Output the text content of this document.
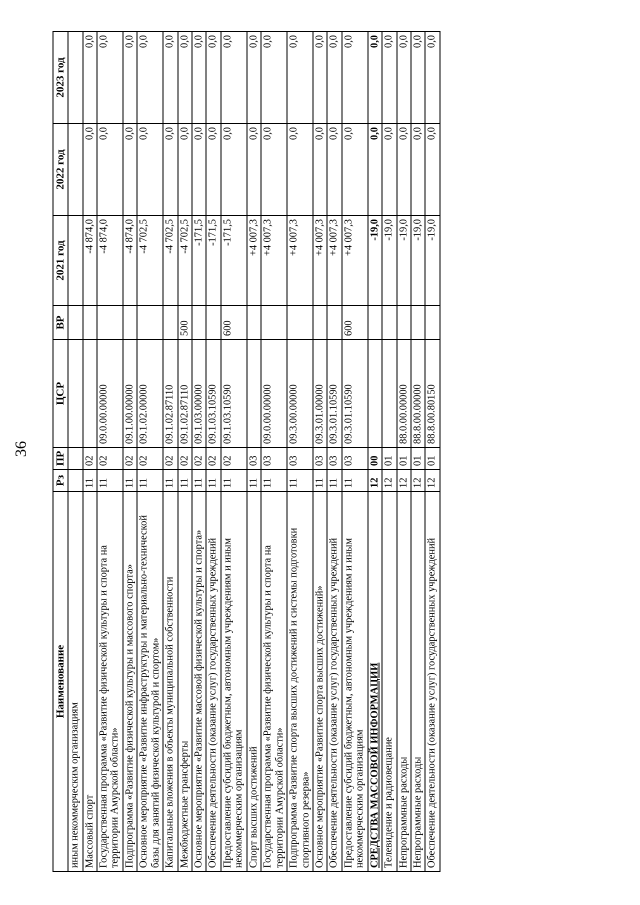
36
Наименование	Рз	ПР	ЦСР	ВР	2021 год	2022 год	2023 год
иным некоммерческим организациям							
Массовый спорт	11	02			-4 874,0	0,0	0,0
Государственная программа «Развитие физической культуры и спорта на территории Амурской области»	11	02	09.0.00.00000		-4 874,0	0,0	0,0
Подпрограмма «Развитие физической культуры и массового спорта»	11	02	09.1.00.00000		-4 874,0	0,0	0,0
Основное мероприятие «Развитие инфраструктуры и материально-технической базы для занятий физической культурой и спортом»	11	02	09.1.02.00000		-4 702,5	0,0	0,0
Капитальные вложения в объекты муниципальной собственности	11	02	09.1.02.87110		-4 702,5	0,0	0,0
Межбюджетные трансферты	11	02	09.1.02.87110	500	-4 702,5	0,0	0,0
Основное мероприятие «Развитие массовой физической культуры и спорта»	11	02	09.1.03.00000		-171,5	0,0	0,0
Обеспечение деятельности (оказание услуг) государственных учреждений	11	02	09.1.03.10590		-171,5	0,0	0,0
Предоставление субсидий бюджетным, автономным учреждениям и иным некоммерческим организациям	11	02	09.1.03.10590	600	-171,5	0,0	0,0
Спорт высших достижений	11	03			+4 007,3	0,0	0,0
Государственная программа «Развитие физической культуры и спорта на территории Амурской области»	11	03	09.0.00.00000		+4 007,3	0,0	0,0
Подпрограмма «Развитие спорта высших достижений и системы подготовки спортивного резерва»	11	03	09.3.00.00000		+4 007,3	0,0	0,0
Основное мероприятие «Развитие спорта высших достижений»	11	03	09.3.01.00000		+4 007,3	0,0	0,0
Обеспечение деятельности (оказание услуг) государственных учреждений	11	03	09.3.01.10590		+4 007,3	0,0	0,0
Предоставление субсидий бюджетным, автономным учреждениям и иным некоммерческим организациям	11	03	09.3.01.10590	600	+4 007,3	0,0	0,0
СРЕДСТВА МАССОВОЙ ИНФОРМАЦИИ	12	00			-19,0	0,0	0,0
Телевидение и радиовещание	12	01			-19,0	0,0	0,0
Непрограммные расходы	12	01	88.0.00.00000		-19,0	0,0	0,0
Непрограммные расходы	12	01	88.8.00.00000		-19,0	0,0	0,0
Обеспечение деятельности (оказание услуг) государственных учреждений	12	01	88.8.00.80150		-19,0	0,0	0,0
